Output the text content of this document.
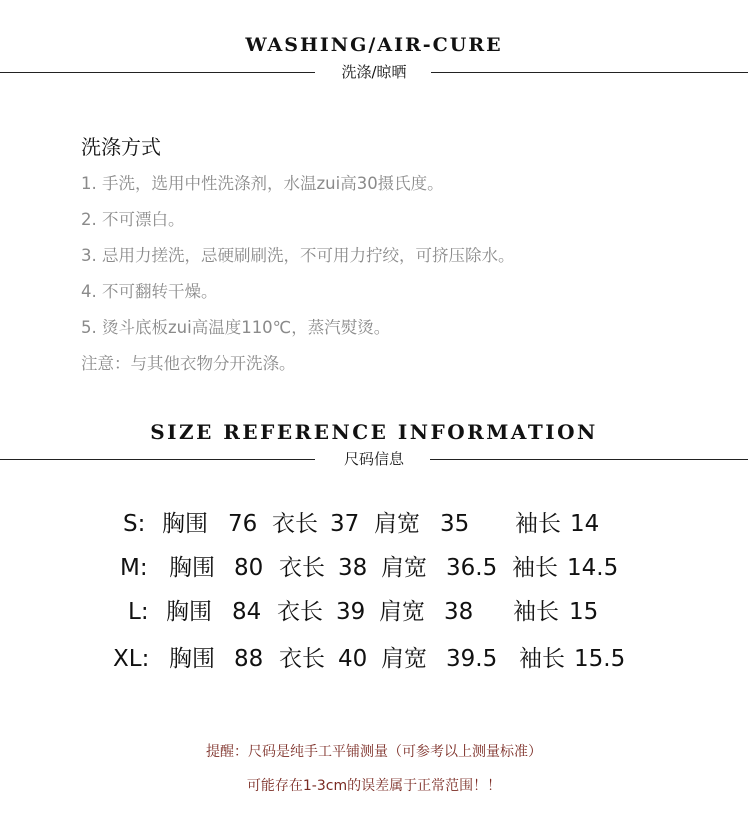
WASHING/AIR-CURE
洗涤/晾晒
洗涤方式
1. 手洗，选用中性洗涤剂，水温zui高30摄氏度。
2. 不可漂白。
3. 忌用力搓洗，忌硬刷刷洗，不可用力拧绞，可挤压除水。
4. 不可翻转干燥。
5. 烫斗底板zui高温度110℃，蒸汽熨烫。
注意：与其他衣物分开洗涤。
SIZE REFERENCE INFORMATION
尺码信息
S: 胸围 76 衣长 37 肩宽 35 袖长 14
M: 胸围 80 衣长 38 肩宽 36.5 袖长 14.5
L: 胸围 84 衣长 39 肩宽 38 袖长 15
XL: 胸围 88 衣长 40 肩宽 39.5 袖长 15.5
提醒：尺码是纯手工平铺测量（可参考以上测量标准）
可能存在1-3cm的误差属于正常范围！！
